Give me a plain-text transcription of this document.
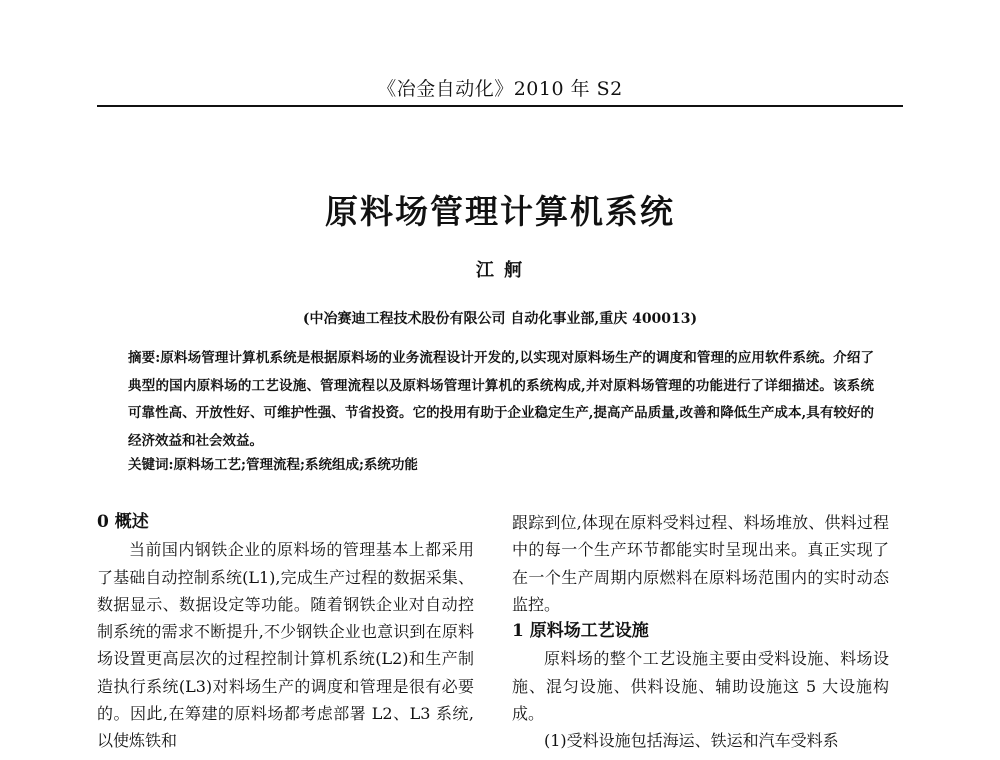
《冶金自动化》2010 年 S2
原料场管理计算机系统
江 舸
(中冶赛迪工程技术股份有限公司 自动化事业部,重庆 400013)
摘要:原料场管理计算机系统是根据原料场的业务流程设计开发的,以实现对原料场生产的调度和管理的应用软件系统。介绍了典型的国内原料场的工艺设施、管理流程以及原料场管理计算机的系统构成,并对原料场管理的功能进行了详细描述。该系统可靠性高、开放性好、可维护性强、节省投资。它的投用有助于企业稳定生产,提高产品质量,改善和降低生产成本,具有较好的经济效益和社会效益。
关键词:原料场工艺;管理流程;系统组成;系统功能

0 概述

当前国内钢铁企业的原料场的管理基本上都采用了基础自动控制系统(L1),完成生产过程的数据采集、数据显示、数据设定等功能。随着钢铁企业对自动控制系统的需求不断提升,不少钢铁企业也意识到在原料场设置更高层次的过程控制计算机系统(L2)和生产制造执行系统(L3)对料场生产的调度和管理是很有必要的。因此,在筹建的原料场都考虑部署 L2、L3 系统,以使炼铁和

跟踪到位,体现在原料受料过程、料场堆放、供料过程中的每一个生产环节都能实时呈现出来。真正实现了在一个生产周期内原燃料在原料场范围内的实时动态监控。

1 原料场工艺设施

原料场的整个工艺设施主要由受料设施、料场设施、混匀设施、供料设施、辅助设施这 5 大设施构成。

(1)受料设施包括海运、铁运和汽车受料系
